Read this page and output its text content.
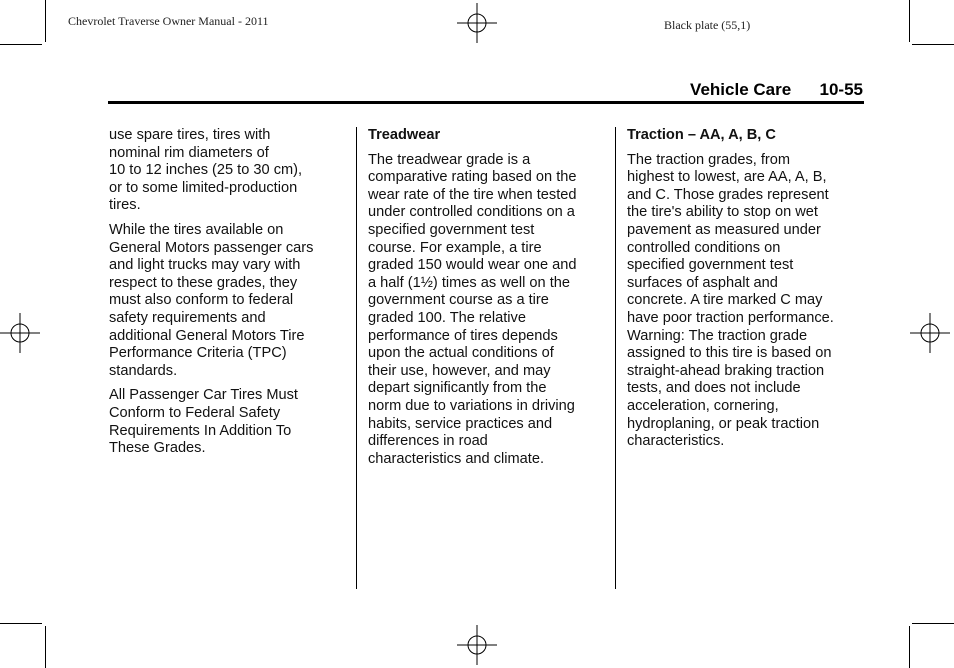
Chevrolet Traverse Owner Manual - 2011	Black plate (55,1)
Vehicle Care 10-55

use spare tires, tires with
nominal rim diameters of
10 to 12 inches (25 to 30 cm),
or to some limited-production
tires.

While the tires available on
General Motors passenger cars
and light trucks may vary with
respect to these grades, they
must also conform to federal
safety requirements and
additional General Motors Tire
Performance Criteria (TPC)
standards.

All Passenger Car Tires Must
Conform to Federal Safety
Requirements In Addition To
These Grades.

Treadwear

The treadwear grade is a
comparative rating based on the
wear rate of the tire when tested
under controlled conditions on a
specified government test
course. For example, a tire
graded 150 would wear one and
a half (1½) times as well on the
government course as a tire
graded 100. The relative
performance of tires depends
upon the actual conditions of
their use, however, and may
depart significantly from the
norm due to variations in driving
habits, service practices and
differences in road
characteristics and climate.

Traction – AA, A, B, C

The traction grades, from
highest to lowest, are AA, A, B,
and C. Those grades represent
the tire's ability to stop on wet
pavement as measured under
controlled conditions on
specified government test
surfaces of asphalt and
concrete. A tire marked C may
have poor traction performance.
Warning: The traction grade
assigned to this tire is based on
straight-ahead braking traction
tests, and does not include
acceleration, cornering,
hydroplaning, or peak traction
characteristics.
